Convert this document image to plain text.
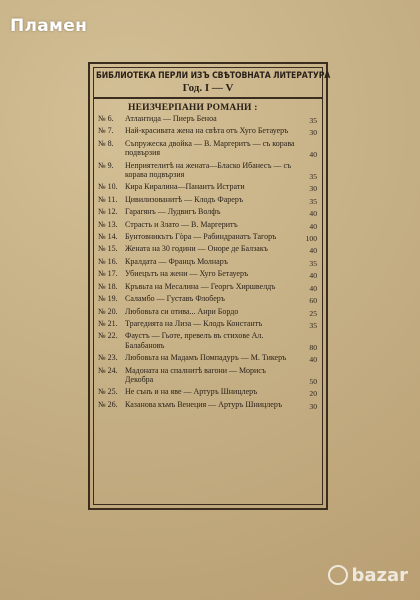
Пламен
БИБЛИОТЕКА ПЕРЛИ ИЗЪ СВѢТОВНАТА ЛИТЕРАТУРА
Год. I — V
НЕИЗЧЕРПАНИ РОМАНИ :
№ 6.	Атлантида — Пиеръ Беноа	35
№ 7.	Най-красивата жена на свѣта отъ Хуго Бетауеръ	30
№ 8.	Съпружеска двойка — В. Маргеритъ — съ корава подвързия	40
№ 9.	Неприятелитѣ на жената—Бласко Ибанесъ — съ корава подвързия	35
№ 10. Кира Киралина—Панаитъ Истрати	30
№ 11. Цивилизованитѣ — Клодъ Фареръ	35
№ 12. Гарагянъ — Лудвигъ Волфъ	40
№ 13. Страсть и Злато — В. Маргеритъ	40
№ 14. Бунтовникътъ Гòра — Рабиндранатъ Тагоръ	100
№ 15. Жената на 30 години — Оноре де Балзакъ	40
№ 16. Кралдата — Францъ Молнаръ	35
№ 17. Убиецътъ на жени — Хуго Бетауеръ	40
№ 18. Кръвьта на Месалина — Георгъ Хиршвелдъ	40
№ 19. Саламбо — Густавъ Флоберъ	60
№ 20. Любовьта си отива... Анри Бордо	25
№ 21. Трагедията на Лиза — Клодъ Константъ	35
№ 22. Фаустъ — Гьоте, превелъ въ стихове Ал. Балабановъ	80
№ 23. Любовьта на Мадамъ Помпадуръ — М. Тикеръ	40
№ 24. Мадоната на спалнитѣ вагони — Морисъ Декобра	50
№ 25. Не сънъ и на яве — Артуръ Шницлеръ	20
№ 26. Казанова къмъ Венеция — Артуръ Шницлеръ	30
bazar
